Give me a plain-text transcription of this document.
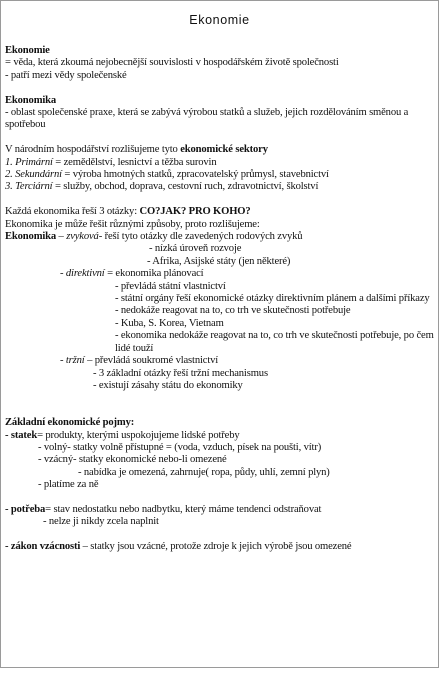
Ekonomie
Ekonomie
= věda, která zkoumá nejobecnější souvislosti v hospodářském životě společnosti
- patří mezi vědy společenské
Ekonomika
- oblast společenské praxe, která se zabývá výrobou statků a služeb, jejich rozdělováním směnou a spotřebou
V národním hospodářství rozlišujeme tyto ekonomické sektory
1. Primární = zemědělství, lesnictví a těžba surovin
2. Sekundární = výroba hmotných statků, zpracovatelský průmysl, stavebnictví
3. Terciární = služby, obchod, doprava, cestovní ruch, zdravotnictví, školství
Každá ekonomika řeší 3 otázky: CO?JAK? PRO KOHO?
Ekonomika je může řešit různými způsoby, proto rozlišujeme:
Ekonomika – zvyková- řeší tyto otázky dle zavedených rodových zvyků
- nízká úroveň rozvoje
- Afrika, Asijské státy (jen některé)
- direktivní = ekonomika plánovací
- převládá státní vlastnictví
- státní orgány řeší ekonomické otázky direktivním plánem a dalšími příkazy
- nedokáže reagovat na to, co trh ve skutečnosti potřebuje
- Kuba, S. Korea, Vietnam
- ekonomika nedokáže reagovat na to, co trh ve skutečnosti potřebuje, po čem lidé touží
- tržní – převládá soukromé vlastnictví
- 3 základní otázky řeší tržní mechanismus
- existují zásahy státu do ekonomiky
Základní ekonomické pojmy:
- statek= produkty, kterými uspokojujeme lidské potřeby
- volný- statky volně přístupné = (voda, vzduch, písek na poušti, vítr)
- vzácný- statky ekonomické nebo-li omezené
- nabídka je omezená, zahrnuje( ropa, půdy, uhlí, zemní plyn)
- platíme za ně
- potřeba= stav nedostatku nebo nadbytku, který máme tendenci odstraňovat
- nelze ji nikdy zcela naplnit
- zákon vzácnosti – statky jsou vzácné, protože zdroje k jejich výrobě jsou omezené
